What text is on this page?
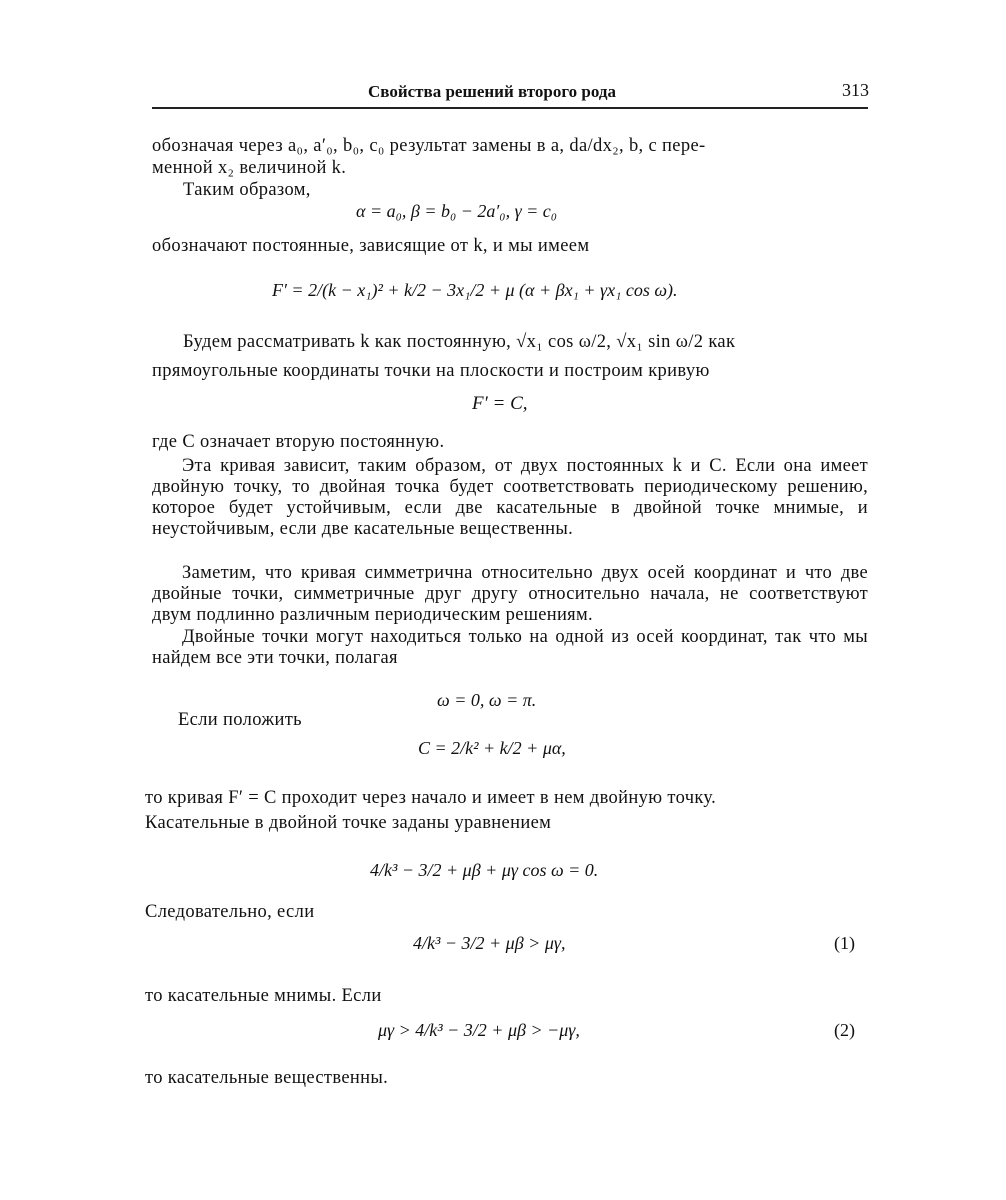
Свойства решений второго рода	313
обозначая через a₀, a′₀, b₀, c₀ результат замены в a, da/dx₂, b, c пере-
менной x₂ величиной k.
Таким образом,
α = a₀, β = b₀ − 2a′₀, γ = c₀
обозначают постоянные, зависящие от k, и мы имеем
F′ = 2/(k − x₁)² + k/2 − 3x₁/2 + μ (α + βx₁ + γx₁ cos ω).
Будем рассматривать k как постоянную, √x₁ cos ω/2, √x₁ sin ω/2 как
прямоугольные координаты точки на плоскости и построим кривую
F′ = C,
где C означает вторую постоянную.
Эта кривая зависит, таким образом, от двух постоянных k и C. Если она имеет двойную точку, то двойная точка будет соответствовать периодическому решению, которое будет устойчивым, если две касательные в двойной точке мнимые, и неустойчивым, если две касательные вещественны.
Заметим, что кривая симметрична относительно двух осей координат и что две двойные точки, симметричные друг другу относительно начала, не соответствуют двум подлинно различным периодическим решениям.
Двойные точки могут находиться только на одной из осей координат, так что мы найдем все эти точки, полагая
ω = 0, ω = π.
Если положить
C = 2/k² + k/2 + μα,
то кривая F′ = C проходит через начало и имеет в нем двойную точку.
Касательные в двойной точке заданы уравнением
4/k³ − 3/2 + μβ + μγ cos ω = 0.
Следовательно, если
4/k³ − 3/2 + μβ > μγ,	(1)
то касательные мнимы. Если
μγ > 4/k³ − 3/2 + μβ > −μγ,	(2)
то касательные вещественны.
